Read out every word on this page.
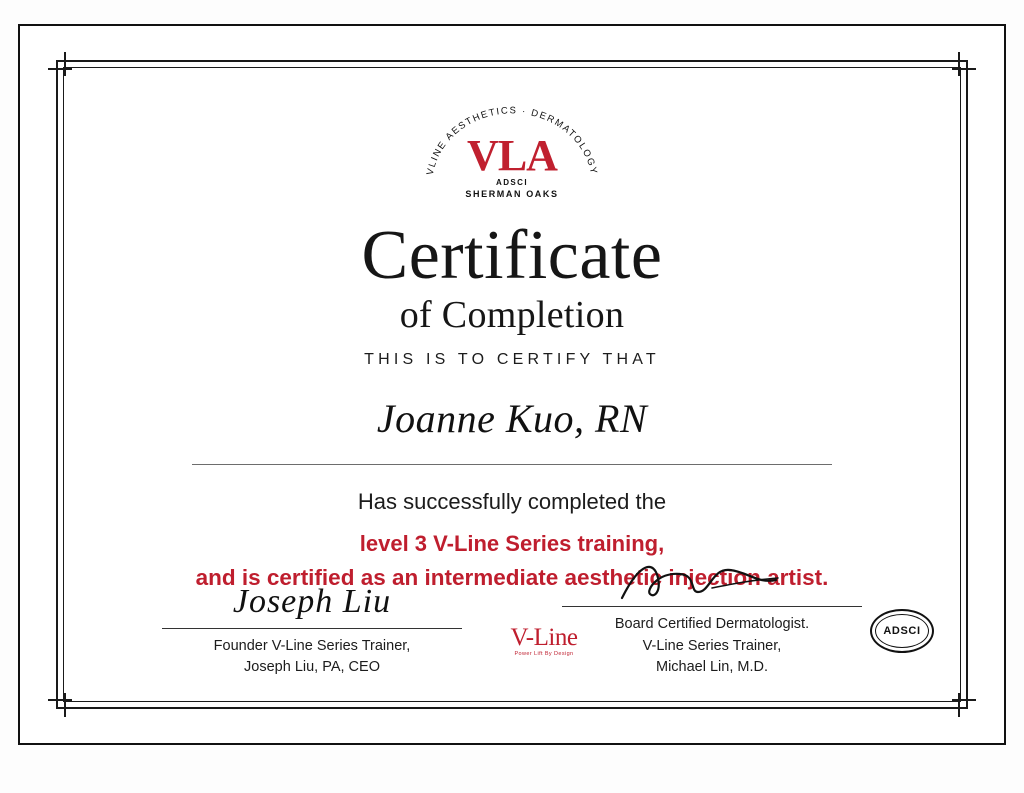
VLINE AESTHETICS · DERMATOLOGY
VLA
ADSCI
SHERMAN OAKS
Certificate
of Completion
THIS IS TO CERTIFY THAT
Joanne Kuo, RN
Has successfully completed the
level 3 V-Line Series training,
and is certified as an intermediate aesthetic injection artist.
Joseph Liu
Founder V-Line Series Trainer,
Joseph Liu, PA, CEO
V-Line
Power Lift By Design
Board Certified Dermatologist.
V-Line Series Trainer,
Michael Lin, M.D.
ADSCI
